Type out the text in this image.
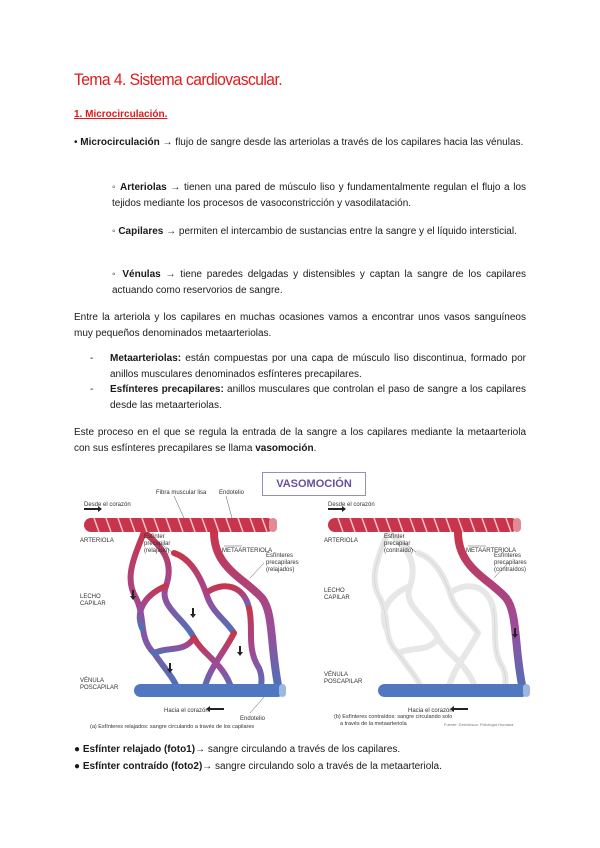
Tema 4. Sistema cardiovascular.
1. Microcirculación.
• Microcirculación → flujo de sangre desde las arteriolas a través de los capilares hacia las vénulas.
◦ Arteriolas → tienen una pared de músculo liso y fundamentalmente regulan el flujo a los tejidos mediante los procesos de vasoconstricción y vasodilatación.
◦ Capilares → permiten el intercambio de sustancias entre la sangre y el líquido intersticial.
◦ Vénulas → tiene paredes delgadas y distensibles y captan la sangre de los capilares actuando como reservorios de sangre.
Entre la arteriola y los capilares en muchas ocasiones vamos a encontrar unos vasos sanguíneos muy pequeños denominados metaarteriolas.
- Metaarteriolas: están compuestas por una capa de músculo liso discontinua, formado por anillos musculares denominados esfínteres precapilares.
- Esfínteres precapilares: anillos musculares que controlan el paso de sangre a los capilares desde las metaarteriolas.
Este proceso en el que se regula la entrada de la sangre a los capilares mediante la metaarteriola con sus esfínteres precapilares se llama vasomoción.
Desde el corazón
Fibra muscular lisa Endotelio
ARTERIOLA
Esfínter
precapilar
(relajado)	METAARTERIOLA
Esfínteres
precapilares
(relajados)
LECHO
CAPILAR
VÉNULA
POSCAPILAR
Hacia el corazón
Endotelio
(a) Esfínteres relajados: sangre circulando a través de los capilares
Desde el corazón
ARTERIOLA
Esfínter
precapilar
(contraído)	METAARTERIOLA
Esfínteres
precapilares
(contraídos)
LECHO
CAPILAR
VÉNULA
POSCAPILAR
Hacia el corazón
(b) Esfínteres contraídos: sangre circulando solo
a través de la metaarteriola	Fuente: Derrickson. Fisiología Humana
VASOMOCIÓN
● Esfínter relajado (foto1)→ sangre circulando a través de los capilares.
● Esfínter contraído (foto2)→ sangre circulando solo a través de la metaarteriola.
